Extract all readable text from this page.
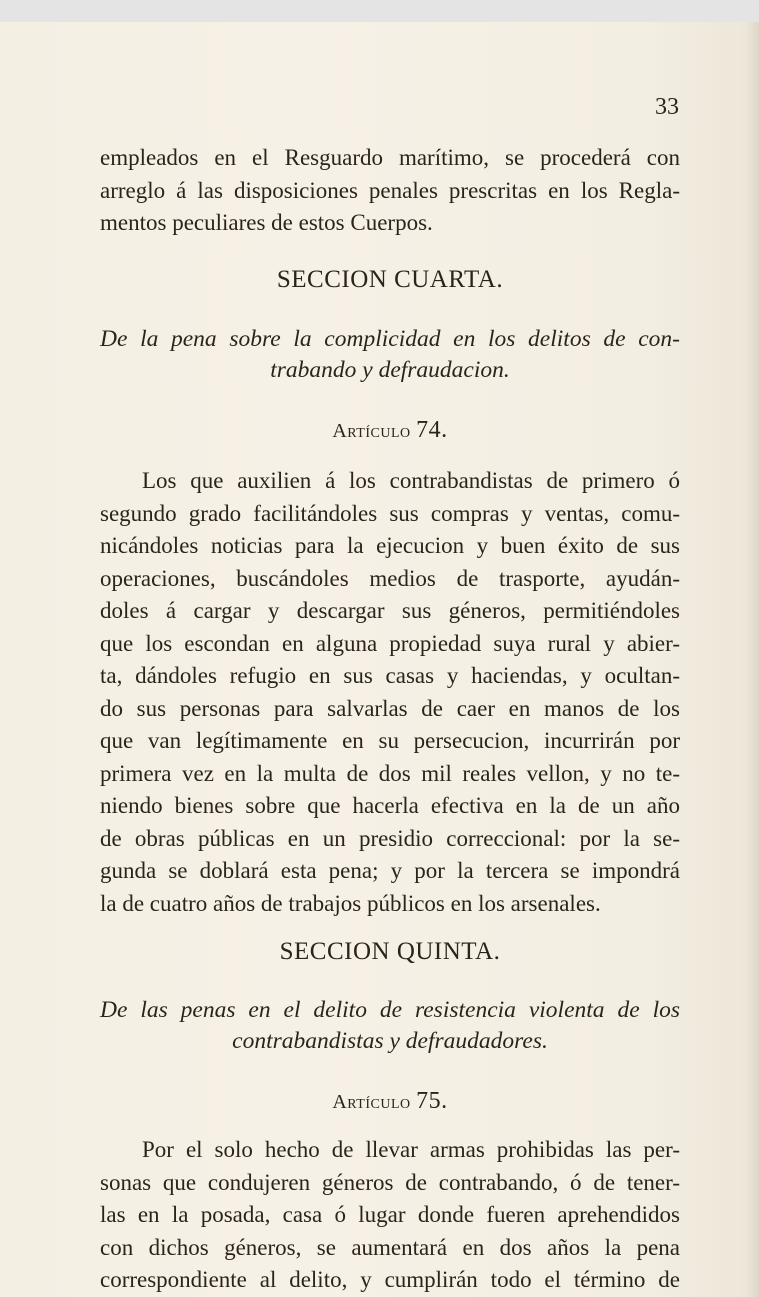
33
empleados en el Resguardo marítimo, se procederá con
arreglo á las disposiciones penales prescritas en los Regla-
mentos peculiares de estos Cuerpos.
SECCION CUARTA.
De la pena sobre la complicidad en los delitos de con-
trabando y defraudacion.
Artículo 74.
Los que auxilien á los contrabandistas de primero ó
segundo grado facilitándoles sus compras y ventas, comu-
nicándoles noticias para la ejecucion y buen éxito de sus
operaciones, buscándoles medios de trasporte, ayudán-
doles á cargar y descargar sus géneros, permitiéndoles
que los escondan en alguna propiedad suya rural y abier-
ta, dándoles refugio en sus casas y haciendas, y ocultan-
do sus personas para salvarlas de caer en manos de los
que van legítimamente en su persecucion, incurrirán por
primera vez en la multa de dos mil reales vellon, y no te-
niendo bienes sobre que hacerla efectiva en la de un año
de obras públicas en un presidio correccional: por la se-
gunda se doblará esta pena; y por la tercera se impondrá
la de cuatro años de trabajos públicos en los arsenales.
SECCION QUINTA.
De las penas en el delito de resistencia violenta de los
contrabandistas y defraudadores.
Artículo 75.
Por el solo hecho de llevar armas prohibidas las per-
sonas que condujeren géneros de contrabando, ó de tener-
las en la posada, casa ó lugar donde fueren aprehendidos
con dichos géneros, se aumentará en dos años la pena
correspondiente al delito, y cumplirán todo el término de
